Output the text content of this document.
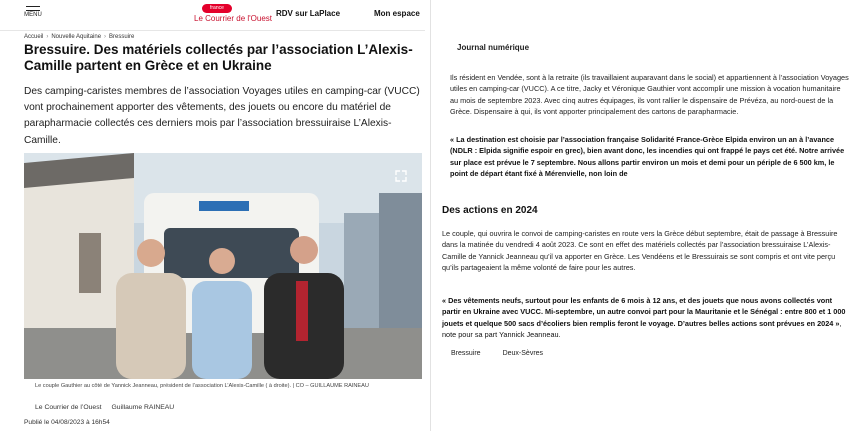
MENU
france
Le Courrier de l'Ouest
RDV sur LaPlace	Mon espace
Accueil › Nouvelle Aquitaine › Bressuire
Bressuire. Des matériels collectés par l’association L’Alexis-Camille partent en Grèce et en Ukraine

Des camping-caristes membres de l’association Voyages utiles en camping-car (VUCC) vont prochainement apporter des vêtements, des jouets ou encore du matériel de parapharmacie collectés ces derniers mois par l’association bressuiraise L’Alexis-Camille.

Le couple Gauthier au côté de Yannick Jeanneau, président de l’association L’Alexis-Camille ( à droite). | CO – GUILLAUME RAINEAU
Le Courrier de l’Ouest Guillaume RAINEAU
Publié le 04/08/2023 à 16h54
Journal numérique

Ils résident en Vendée, sont à la retraite (ils travaillaient auparavant dans le social) et appartiennent à l’association Voyages utiles en camping-car (VUCC). A ce titre, Jacky et Véronique Gauthier vont accomplir une mission à vocation humanitaire au mois de septembre 2023. Avec cinq autres équipages, ils vont rallier le dispensaire de Prévéza, au nord-ouest de la Grèce. Dispensaire à qui, ils vont apporter principalement des cartons de parapharmacie.

« La destination est choisie par l’association française Solidarité France-Grèce Elpida environ un an à l’avance (NDLR : Elpida signifie espoir en grec), bien avant donc, les incendies qui ont frappé le pays cet été. Notre arrivée sur place est prévue le 7 septembre. Nous allons partir environ un mois et demi pour un périple de 6 500 km, le point de départ étant fixé à Mérenvielle, non loin de

Des actions en 2024

Le couple, qui ouvrira le convoi de camping-caristes en route vers la Grèce début septembre, était de passage à Bressuire dans la matinée du vendredi 4 août 2023. Ce sont en effet des matériels collectés par l’association bressuiraise L’Alexis-Camille de Yannick Jeanneau qu’il va apporter en Grèce. Les Vendéens et le Bressuirais se sont compris et ont vite perçu qu’ils partageaient la même volonté de faire pour les autres.

« Des vêtements neufs, surtout pour les enfants de 6 mois à 12 ans, et des jouets que nous avons collectés vont partir en Ukraine avec VUCC. Mi-septembre, un autre convoi part pour la Mauritanie et le Sénégal : entre 800 et 1 000 jouets et quelque 500 sacs d’écoliers bien remplis feront le voyage. D’autres belles actions sont prévues en 2024 », note pour sa part Yannick Jeanneau.

Bressuire	Deux-Sèvres
